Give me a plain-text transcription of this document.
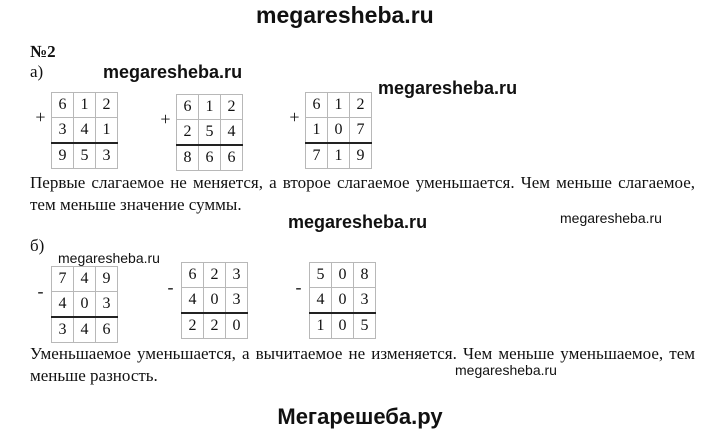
megaresheba.ru
№2
а)	megaresheba.ru
megaresheba.ru
+	6	1	2
	3	4	1
	9	5	3
+	6	1	2
	2	5	4
	8	6	6
+	6	1	2
	1	0	7
	7	1	9
Первые слагаемое не меняется, а второе слагаемое уменьшается. Чем меньше слагаемое, тем меньше значение суммы.
megaresheba.ru	megaresheba.ru
б)
megaresheba.ru
-	7	4	9
	4	0	3
	3	4	6
-	6	2	3
	4	0	3
	2	2	0
-	5	0	8
	4	0	3
	1	0	5
Уменьшаемое уменьшается, а вычитаемое не изменяется. Чем меньше уменьшаемое, тем меньше разность.	megaresheba.ru
Мегарешеба.ру
